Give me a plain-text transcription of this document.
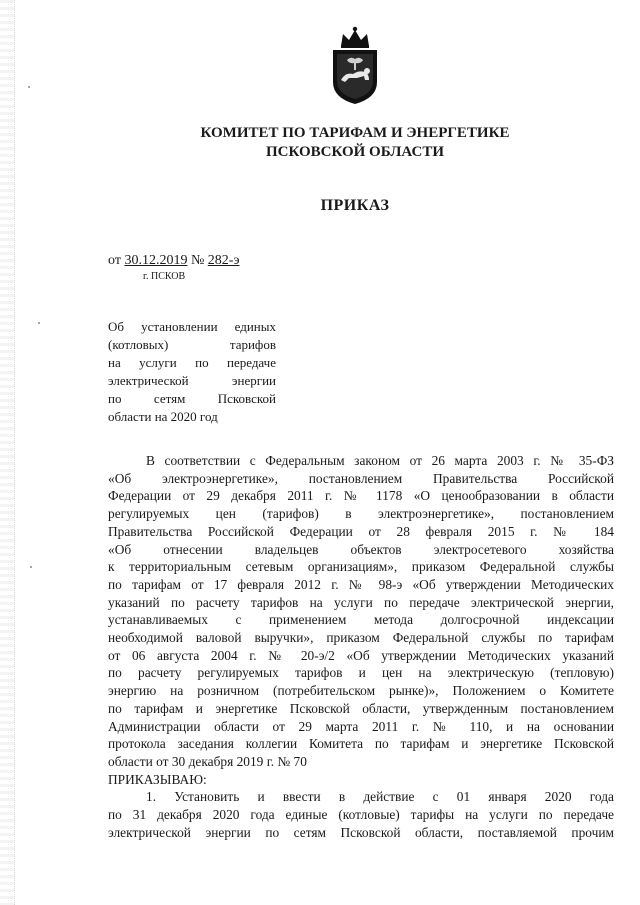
КОМИТЕТ ПО ТАРИФАМ И ЭНЕРГЕТИКЕ
ПСКОВСКОЙ ОБЛАСТИ
ПРИКАЗ
от 30.12.2019 № 282-э
г. ПСКОВ
Об установлении единых
(котловых) тарифов
на услуги по передаче
электрической энергии
по сетям Псковской
области на 2020 год
В соответствии с Федеральным законом от 26 марта 2003 г. № 35-ФЗ
«Об электроэнергетике», постановлением Правительства Российской
Федерации от 29 декабря 2011 г. № 1178 «О ценообразовании в области
регулируемых цен (тарифов) в электроэнергетике», постановлением
Правительства Российской Федерации от 28 февраля 2015 г. № 184
«Об отнесении владельцев объектов электросетевого хозяйства
к территориальным сетевым организациям», приказом Федеральной службы
по тарифам от 17 февраля 2012 г. № 98-э «Об утверждении Методических
указаний по расчету тарифов на услуги по передаче электрической энергии,
устанавливаемых с применением метода долгосрочной индексации
необходимой валовой выручки», приказом Федеральной службы по тарифам
от 06 августа 2004 г. № 20-э/2 «Об утверждении Методических указаний
по расчету регулируемых тарифов и цен на электрическую (тепловую)
энергию на розничном (потребительском рынке)», Положением о Комитете
по тарифам и энергетике Псковской области, утвержденным постановлением
Администрации области от 29 марта 2011 г. № 110, и на основании
протокола заседания коллегии Комитета по тарифам и энергетике Псковской
области от 30 декабря 2019 г. № 70
ПРИКАЗЫВАЮ:
1. Установить и ввести в действие с 01 января 2020 года
по 31 декабря 2020 года единые (котловые) тарифы на услуги по передаче
электрической энергии по сетям Псковской области, поставляемой прочим
